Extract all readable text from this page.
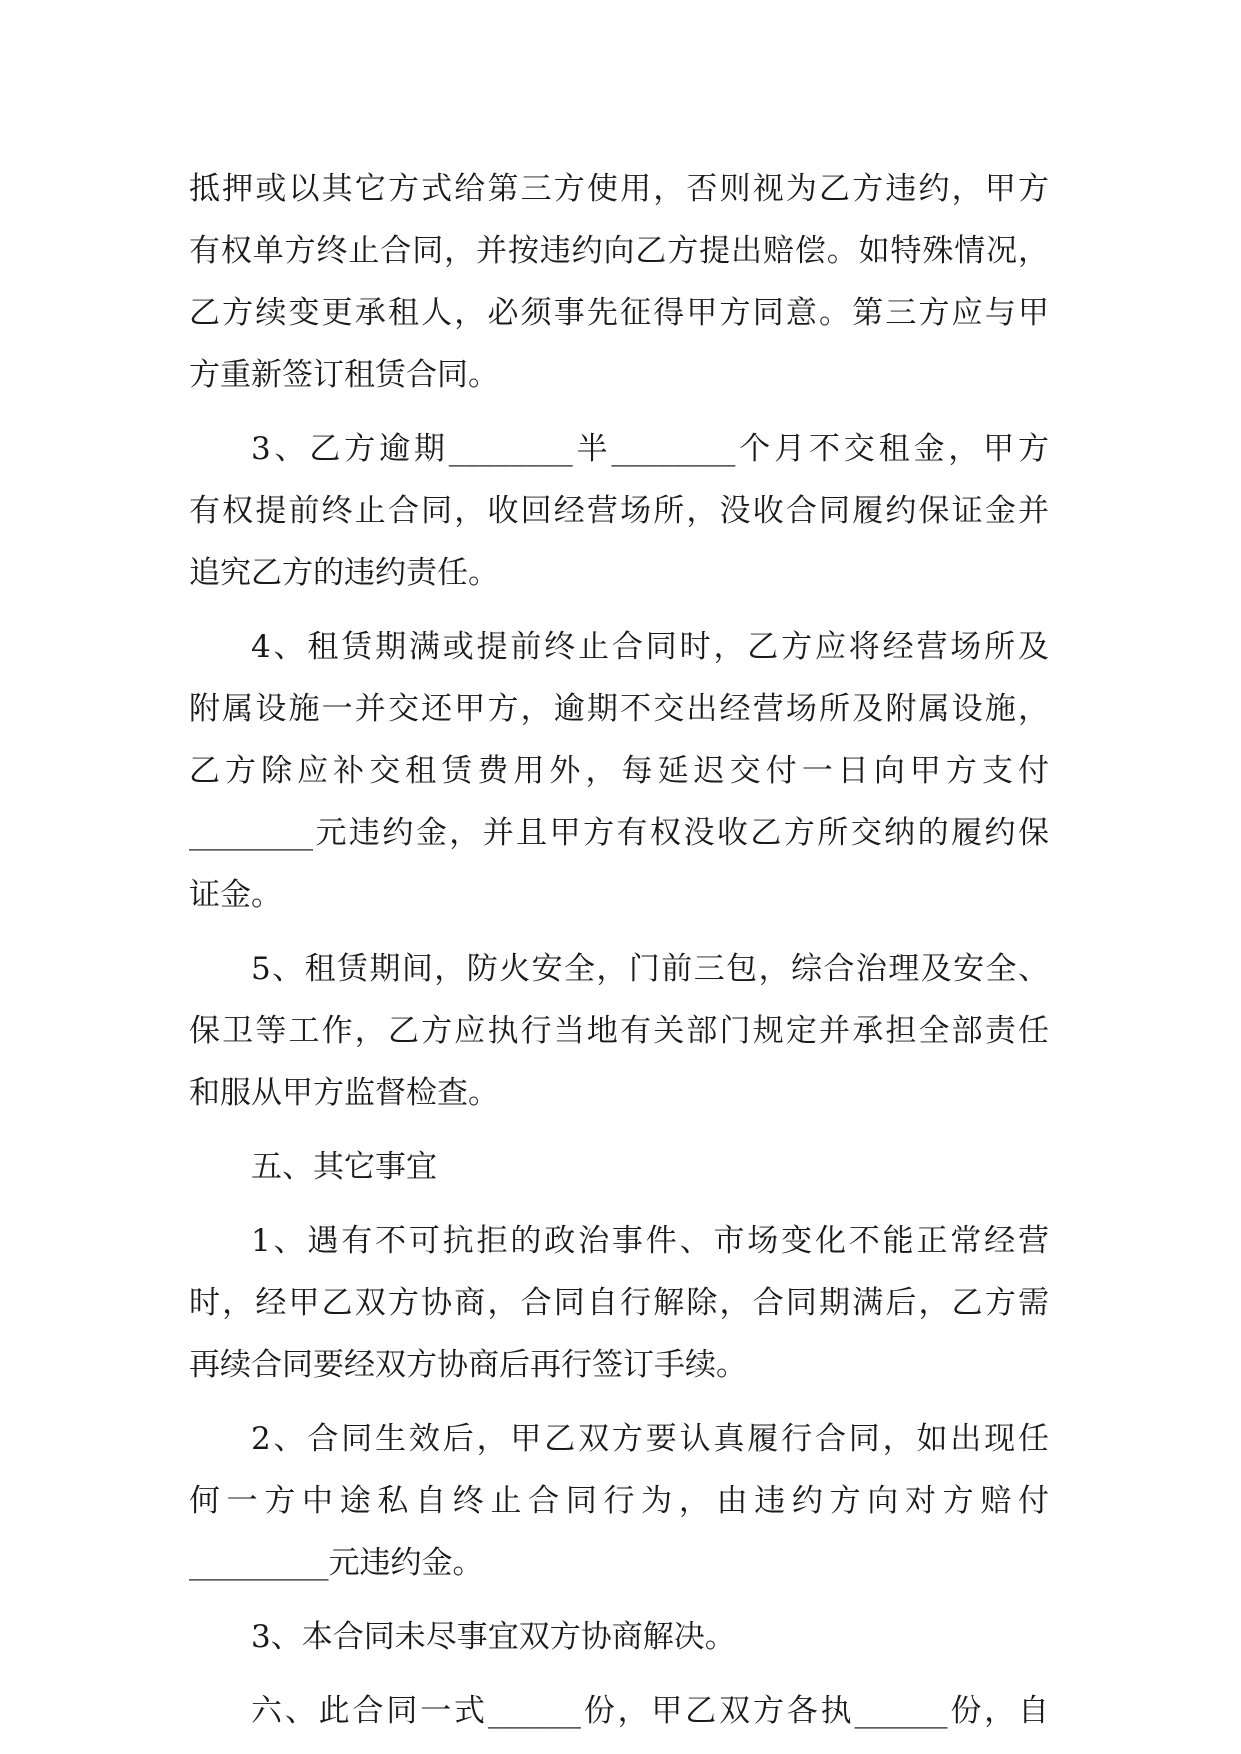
抵押或以其它方式给第三方使用，否则视为乙方违约，甲方
有权单方终止合同，并按违约向乙方提出赔偿。如特殊情况，
乙方续变更承租人，必须事先征得甲方同意。第三方应与甲
方重新签订租赁合同。
3、乙方逾期________半________个月不交租金，甲方
有权提前终止合同，收回经营场所，没收合同履约保证金并
追究乙方的违约责任。
4、租赁期满或提前终止合同时，乙方应将经营场所及
附属设施一并交还甲方，逾期不交出经营场所及附属设施，
乙方除应补交租赁费用外，每延迟交付一日向甲方支付
________元违约金，并且甲方有权没收乙方所交纳的履约保
证金。
5、租赁期间，防火安全，门前三包，综合治理及安全、
保卫等工作，乙方应执行当地有关部门规定并承担全部责任
和服从甲方监督检查。
五、其它事宜
1、遇有不可抗拒的政治事件、市场变化不能正常经营
时，经甲乙双方协商，合同自行解除，合同期满后，乙方需
再续合同要经双方协商后再行签订手续。
2、合同生效后，甲乙双方要认真履行合同，如出现任
何一方中途私自终止合同行为，由违约方向对方赔付
_________元违约金。
3、本合同未尽事宜双方协商解决。
六、此合同一式______份，甲乙双方各执______份，自
